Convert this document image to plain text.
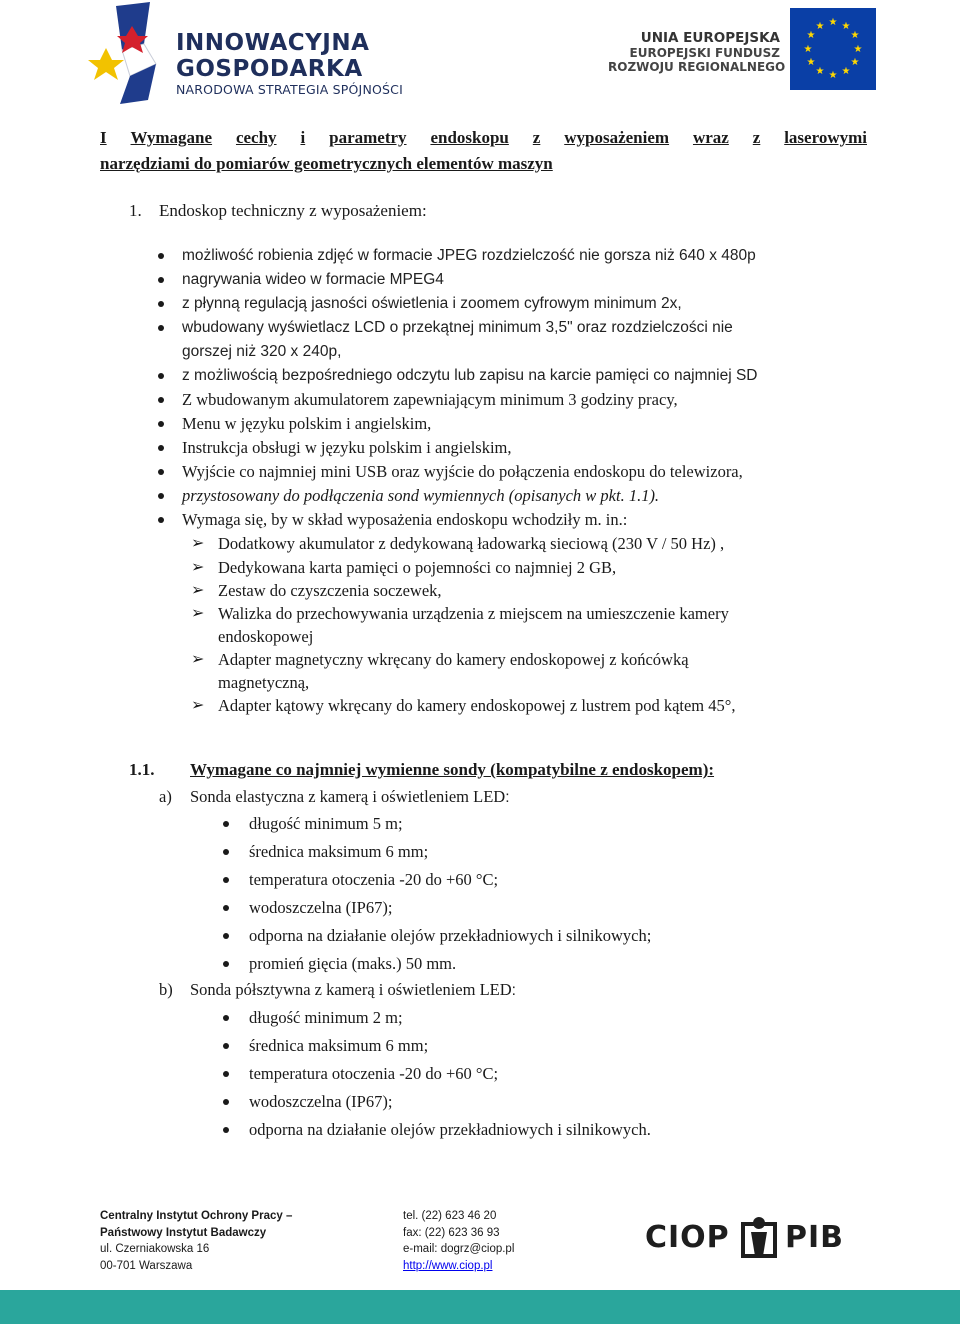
INNOWACYJNA
GOSPODARKA
NARODOWA STRATEGIA SPÓJNOŚCI
UNIA EUROPEJSKA
EUROPEJSKI FUNDUSZ
ROZWOJU REGIONALNEGO
★ ★
★
★
★
★
★
★
★
★
★
★
I Wymagane cechy i parametry endoskopu z wyposażeniem wraz z laserowymi
narzędziami do pomiarów geometrycznych elementów maszyn
1. Endoskop techniczny z wyposażeniem:
możliwość robienia zdjęć w formacie JPEG rozdzielczość nie gorsza niż 640 x 480p
nagrywania wideo w formacie MPEG4
z płynną regulacją jasności oświetlenia i zoomem cyfrowym minimum 2x,
wbudowany wyświetlacz LCD o przekątnej minimum 3,5" oraz rozdzielczości nie
gorszej niż 320 x 240p,
z możliwością bezpośredniego odczytu lub zapisu na karcie pamięci co najmniej SD
Z wbudowanym akumulatorem zapewniającym minimum 3 godziny pracy,
Menu w języku polskim i angielskim,
Instrukcja obsługi w języku polskim i angielskim,
Wyjście co najmniej mini USB oraz wyjście do połączenia endoskopu do telewizora,
przystosowany do podłączenia sond wymiennych (opisanych w pkt. 1.1).
Wymaga się, by w skład wyposażenia endoskopu wchodziły m. in.:
➢ Dodatkowy akumulator z dedykowaną ładowarką sieciową (230 V / 50 Hz) ,
➢ Dedykowana karta pamięci o pojemności co najmniej 2 GB,
➢ Zestaw do czyszczenia soczewek,
➢ Walizka do przechowywania urządzenia z miejscem na umieszczenie kamery
endoskopowej
➢ Adapter magnetyczny wkręcany do kamery endoskopowej z końcówką
magnetyczną,
➢ Adapter kątowy wkręcany do kamery endoskopowej z lustrem pod kątem 45°,
1.1. Wymagane co najmniej wymienne sondy (kompatybilne z endoskopem):
a) Sonda elastyczna z kamerą i oświetleniem LED:
długość minimum 5 m;
średnica maksimum 6 mm;
temperatura otoczenia -20 do +60 °C;
wodoszczelna (IP67);
odporna na działanie olejów przekładniowych i silnikowych;
promień gięcia (maks.) 50 mm.
b) Sonda półsztywna z kamerą i oświetleniem LED:
długość minimum 2 m;
średnica maksimum 6 mm;
temperatura otoczenia -20 do +60 °C;
wodoszczelna (IP67);
odporna na działanie olejów przekładniowych i silnikowych.
Centralny Instytut Ochrony Pracy –
Państwowy Instytut Badawczy
ul. Czerniakowska 16
00-701 Warszawa
tel. (22) 623 46 20
fax: (22) 623 36 93
e-mail: dogrz@ciop.pl
http://www.ciop.pl
CIOP PIB
